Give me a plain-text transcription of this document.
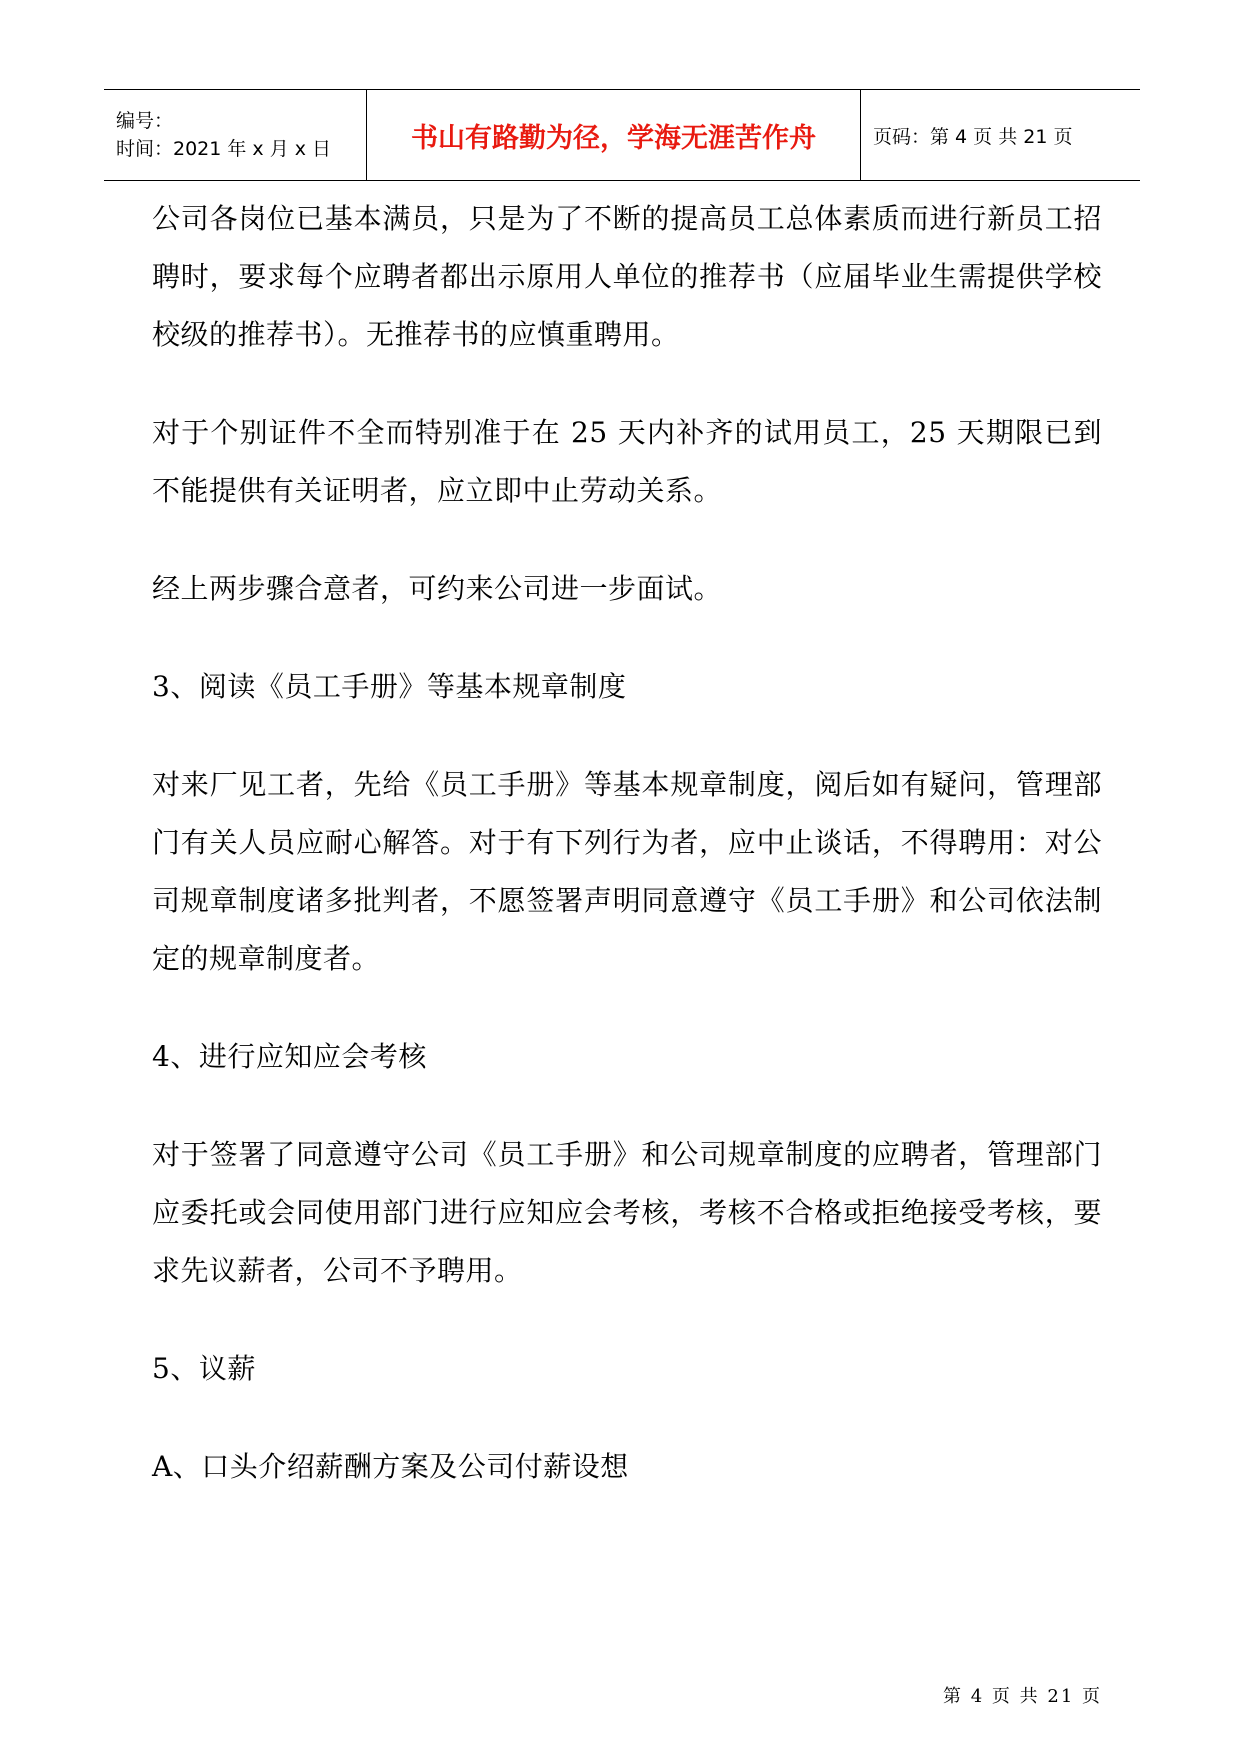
编号：
时间：2021 年 x 月 x 日	书山有路勤为径，学海无涯苦作舟	页码：第 4 页 共 21 页

公司各岗位已基本满员，只是为了不断的提高员工总体素质而进行新员工招聘时，要求每个应聘者都出示原用人单位的推荐书（应届毕业生需提供学校校级的推荐书）。无推荐书的应慎重聘用。

对于个别证件不全而特别准于在 25 天内补齐的试用员工，25 天期限已到不能提供有关证明者，应立即中止劳动关系。

经上两步骤合意者，可约来公司进一步面试。

3、阅读《员工手册》等基本规章制度

对来厂见工者，先给《员工手册》等基本规章制度，阅后如有疑问，管理部门有关人员应耐心解答。对于有下列行为者，应中止谈话，不得聘用：对公司规章制度诸多批判者，不愿签署声明同意遵守《员工手册》和公司依法制定的规章制度者。

4、进行应知应会考核

对于签署了同意遵守公司《员工手册》和公司规章制度的应聘者，管理部门应委托或会同使用部门进行应知应会考核，考核不合格或拒绝接受考核，要求先议薪者，公司不予聘用。

5、议薪

A、口头介绍薪酬方案及公司付薪设想

第 4 页 共 21 页
